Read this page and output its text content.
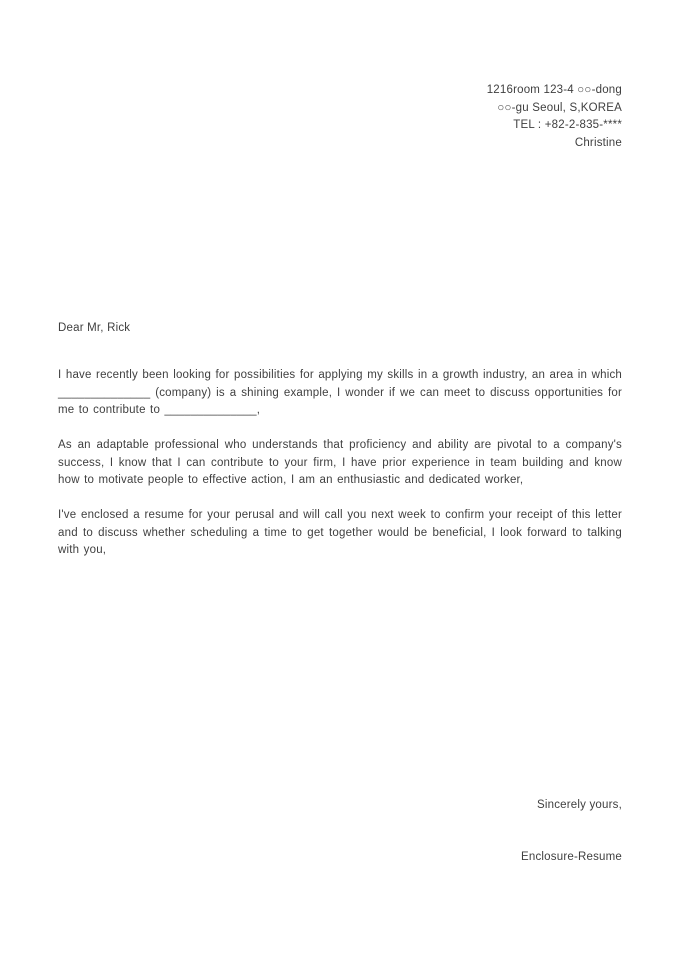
1216room 123-4 ○○-dong
○○-gu Seoul, S,KOREA
TEL : +82-2-835-****
Christine
Dear Mr, Rick

I have recently been looking for possibilities for applying my skills in a growth industry, an area in which ______________ (company) is a shining example, I wonder if we can meet to discuss opportunities for me to contribute to ______________,

As an adaptable professional who understands that proficiency and ability are pivotal to a company's success, I know that I can contribute to your firm, I have prior experience in team building and know how to motivate people to effective action, I am an enthusiastic and dedicated worker,

I've enclosed a resume for your perusal and will call you next week to confirm your receipt of this letter and to discuss whether scheduling a time to get together would be beneficial, I look forward to talking with you,

Sincerely yours,
Enclosure-Resume
